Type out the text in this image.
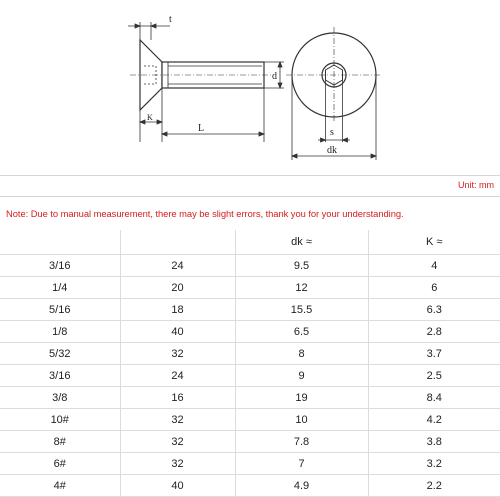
t
d
K
L	s
dk
Unit: mm
Note: Due to manual measurement, there may be slight errors, thank you for your understanding.
		dk ≈	K ≈
3/16	24	9.5	4
1/4	20	12	6
5/16	18	15.5	6.3
1/8	40	6.5	2.8
5/32	32	8	3.7
3/16	24	9	2.5
3/8	16	19	8.4
10#	32	10	4.2
8#	32	7.8	3.8
6#	32	7	3.2
4#	40	4.9	2.2
